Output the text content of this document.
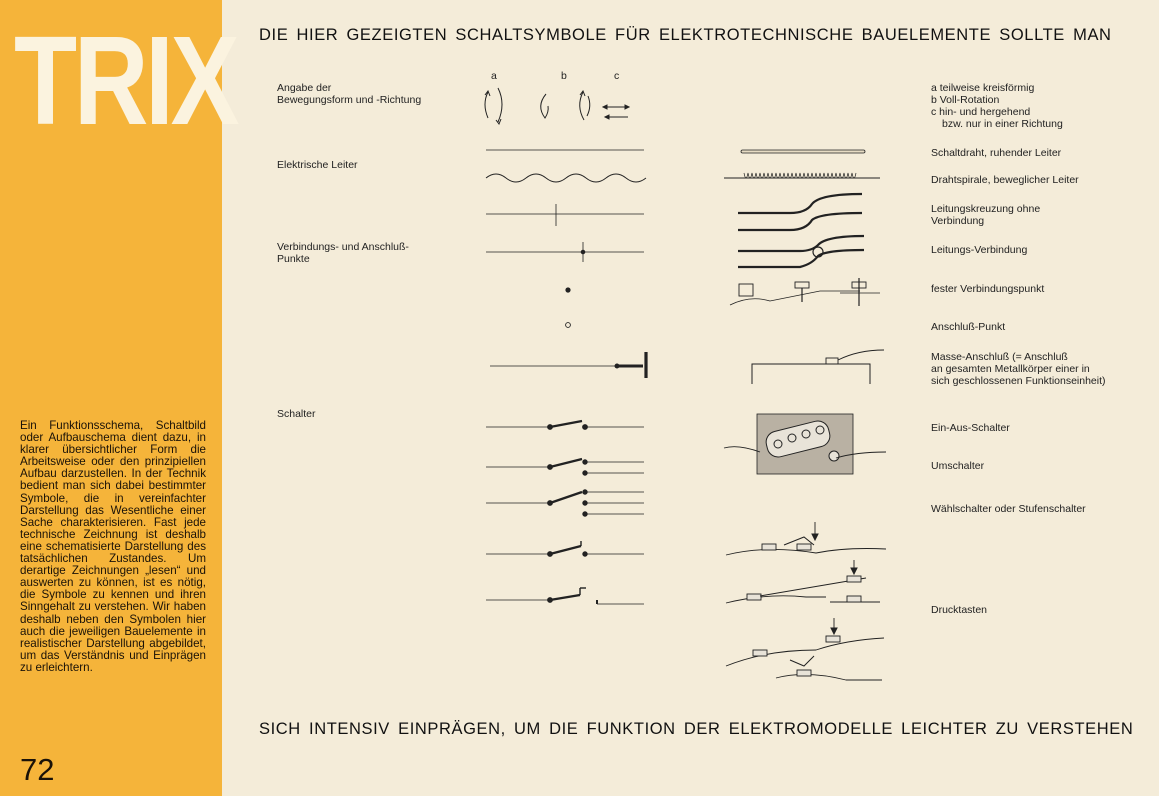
TRIX
Ein Funktionsschema, Schaltbild oder Aufbauschema dient dazu, in klarer übersichtlicher Form die Arbeitsweise oder den prinzipiellen Aufbau darzustellen. In der Technik bedient man sich dabei bestimmter Symbole, die in vereinfachter Darstellung das Wesentliche einer Sache charakterisieren. Fast jede technische Zeichnung ist deshalb eine schematisierte Darstellung des tatsächlichen Zustandes. Um derartige Zeichnungen „lesen“ und auswerten zu können, ist es nötig, die Symbole zu kennen und ihren Sinngehalt zu verstehen. Wir haben deshalb neben den Symbolen hier auch die jeweiligen Bauelemente in realistischer Darstellung abgebildet, um das Verständnis und Einprägen zu erleichtern.
72
DIE HIER GEZEIGTEN SCHALTSYMBOLE FÜR ELEKTROTECHNISCHE BAUELEMENTE SOLLTE MAN
SICH INTENSIV EINPRÄGEN, UM DIE FUNKTION DER ELEKTROMODELLE LEICHTER ZU VERSTEHEN
Angabe der
Bewegungsform und -Richtung
Elektrische Leiter
Verbindungs- und Anschluß-
Punkte
Schalter
a	b	c
a teilweise kreisförmig
b Voll-Rotation
c hin- und hergehend
bzw. nur in einer Richtung
Schaltdraht, ruhender Leiter
Drahtspirale, beweglicher Leiter
Leitungskreuzung ohne
Verbindung
Leitungs-Verbindung
fester Verbindungspunkt
Anschluß-Punkt
Masse-Anschluß (= Anschluß
an gesamten Metallkörper einer in
sich geschlossenen Funktionseinheit)
Ein-Aus-Schalter
Umschalter
Wählschalter oder Stufenschalter
Drucktasten
